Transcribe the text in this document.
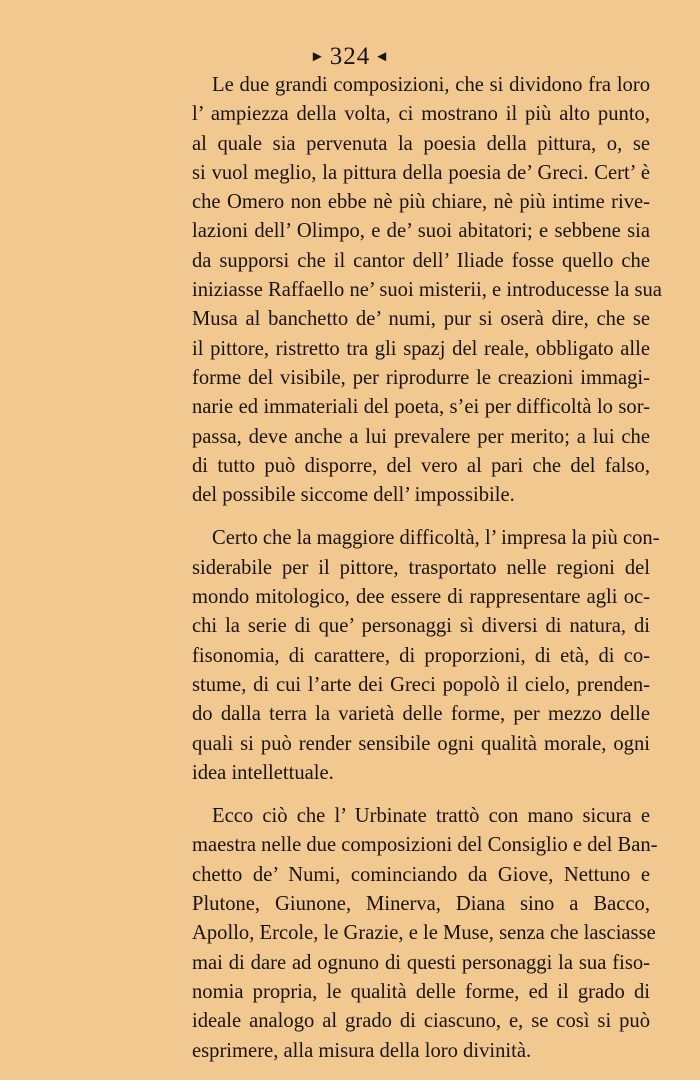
► 324 ◄
Le due grandi composizioni, che si dividono fra loro
l’ ampiezza della volta, ci mostrano il più alto punto,
al quale sia pervenuta la poesia della pittura, o, se
si vuol meglio, la pittura della poesia de’ Greci. Cert’ è
che Omero non ebbe nè più chiare, nè più intime rive-
lazioni dell’ Olimpo, e de’ suoi abitatori; e sebbene sia
da supporsi che il cantor dell’ Iliade fosse quello che
iniziasse Raffaello ne’ suoi misterii, e introducesse la sua
Musa al banchetto de’ numi, pur si oserà dire, che se
il pittore, ristretto tra gli spazj del reale, obbligato alle
forme del visibile, per riprodurre le creazioni immagi-
narie ed immateriali del poeta, s’ei per difficoltà lo sor-
passa, deve anche a lui prevalere per merito; a lui che
di tutto può disporre, del vero al pari che del falso,
del possibile siccome dell’ impossibile.
Certo che la maggiore difficoltà, l’ impresa la più con-
siderabile per il pittore, trasportato nelle regioni del
mondo mitologico, dee essere di rappresentare agli oc-
chi la serie di que’ personaggi sì diversi di natura, di
fisonomia, di carattere, di proporzioni, di età, di co-
stume, di cui l’arte dei Greci popolò il cielo, prenden-
do dalla terra la varietà delle forme, per mezzo delle
quali si può render sensibile ogni qualità morale, ogni
idea intellettuale.
Ecco ciò che l’ Urbinate trattò con mano sicura e
maestra nelle due composizioni del Consiglio e del Ban-
chetto de’ Numi, cominciando da Giove, Nettuno e
Plutone, Giunone, Minerva, Diana sino a Bacco,
Apollo, Ercole, le Grazie, e le Muse, senza che lasciasse
mai di dare ad ognuno di questi personaggi la sua fiso-
nomia propria, le qualità delle forme, ed il grado di
ideale analogo al grado di ciascuno, e, se così si può
esprimere, alla misura della loro divinità.
